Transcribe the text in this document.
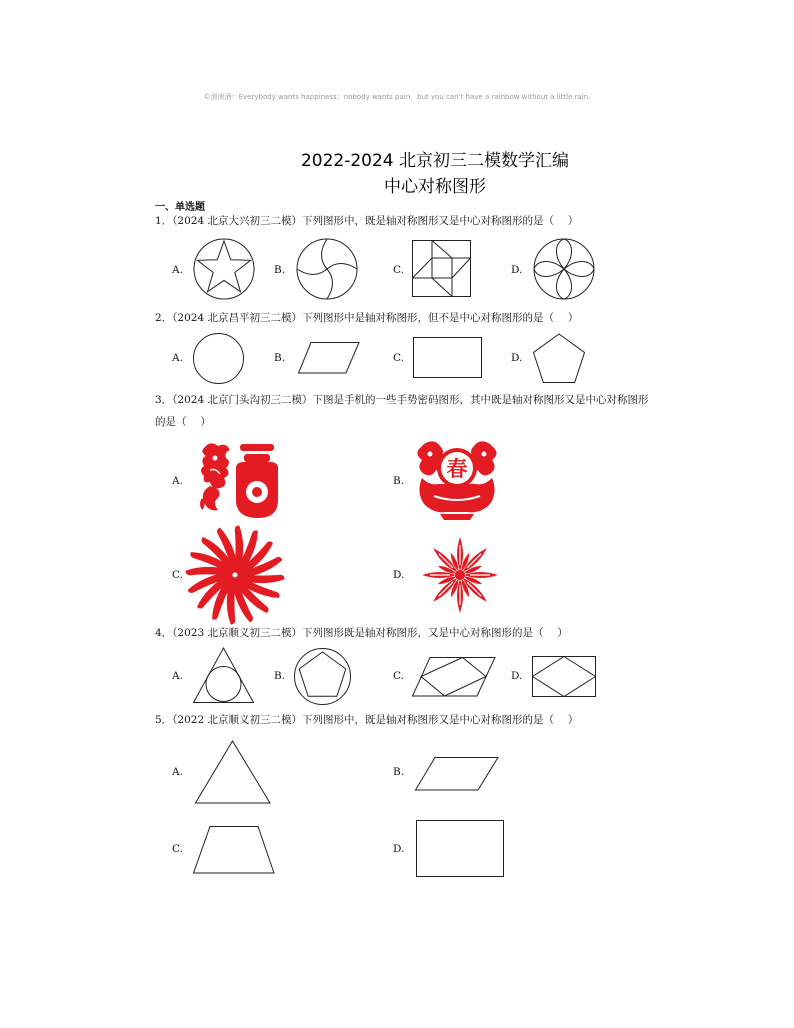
©滚滚酒：Everybody wants happiness；nobody wants pain，but you can't have a rainbow without a little rain.
2022-2024 北京初三二模数学汇编
中心对称图形
一、单选题
1．（2024 北京大兴初三二模）下列图形中，既是轴对称图形又是中心对称图形的是（　 ）
A.	B.	C.	D.
2．（2024 北京昌平初三二模）下列图形中是轴对称图形，但不是中心对称图形的是（　 ）
A.	B.	C.	D.
3．（2024 北京门头沟初三二模）下图是手机的一些手势密码图形，其中既是轴对称图形又是中心对称图形
的是（　 ）
A.	B. 春
C.	D.
4．（2023 北京顺义初三二模）下列图形既是轴对称图形，又是中心对称图形的是（　 ）
A.	B.	C.	D.
5．（2022 北京顺义初三二模）下列图形中，既是轴对称图形又是中心对称图形的是（　 ）
A.	B.
C.	D.
